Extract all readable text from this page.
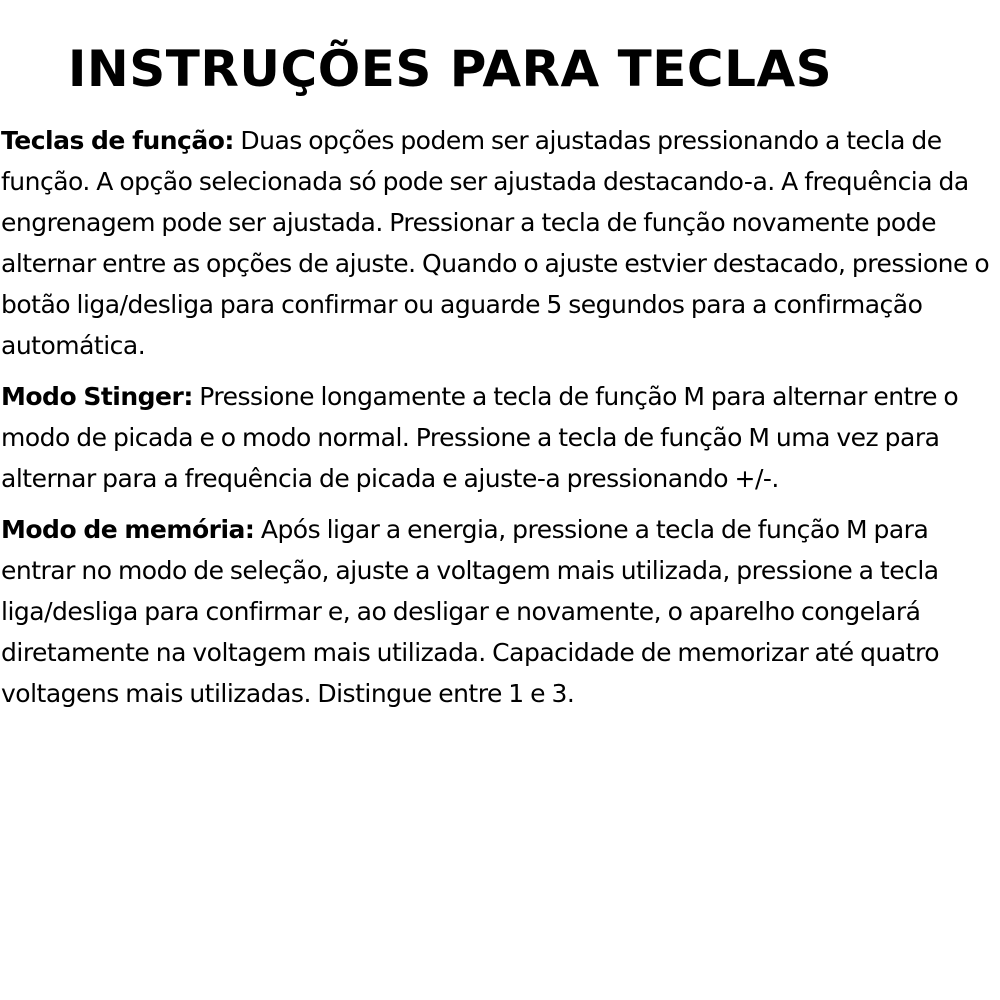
INSTRUÇÕES PARA TECLAS

Teclas de função: Duas opções podem ser ajustadas pressionando a tecla de função. A opção selecionada só pode ser ajustada destacando-a. A frequência da engrenagem pode ser ajustada. Pressionar a tecla de função novamente pode alternar entre as opções de ajuste. Quando o ajuste estvier destacado, pressione o botão liga/desliga para confirmar ou aguarde 5 segundos para a confirmação automática.

Modo Stinger: Pressione longamente a tecla de função M para alternar entre o modo de picada e o modo normal. Pressione a tecla de função M uma vez para alternar para a frequência de picada e ajuste-a pressionando +/-.

Modo de memória: Após ligar a energia, pressione a tecla de função M para entrar no modo de seleção, ajuste a voltagem mais utilizada, pressione a tecla liga/desliga para confirmar e, ao desligar e novamente, o aparelho congelará diretamente na voltagem mais utilizada. Capacidade de memorizar até quatro voltagens mais utilizadas. Distingue entre 1 e 3.
